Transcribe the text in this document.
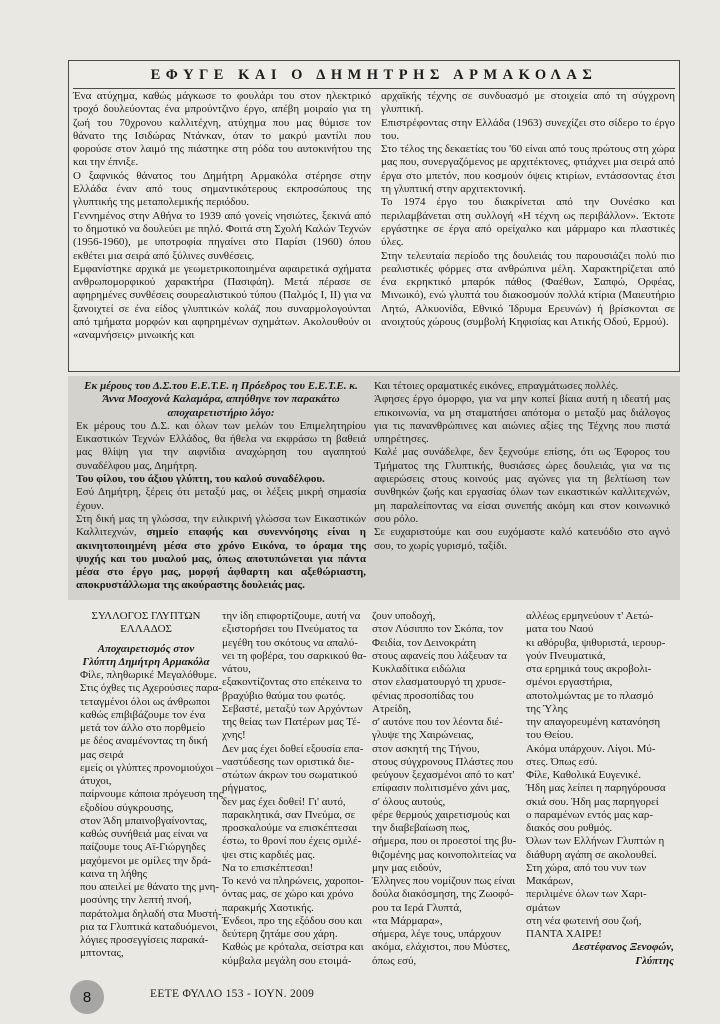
ΕΦΥΓΕ ΚΑΙ Ο ΔΗΜΗΤΡΗΣ ΑΡΜΑΚΟΛΑΣ

Ένα ατύχημα, καθώς μάγκωσε το φουλάρι του στον ηλεκτρικό τροχό δουλεύοντας ένα μπρούντζινο έργο, απέβη μοιραίο για τη ζωή του 70χρονου καλλιτέχνη, ατύχημα που μας θύμισε τον θάνατο της Ισιδώρας Ντάνκαν, όταν το μακρύ μαντίλι που φορούσε στον λαιμό της πιάστηκε στη ρόδα του αυτοκινήτου της και την έπνιξε.

Ο ξαφνικός θάνατος του Δημήτρη Αρμακόλα στέρησε στην Ελλάδα έναν από τους σημαντικότερους εκπροσώπους της γλυπτικής της μεταπολεμικής περιόδου.

Γεννημένος στην Αθήνα το 1939 από γονείς νησιώτες, ξεκινά από το δημοτικό να δουλεύει με πηλό. Φοιτά στη Σχολή Καλών Τεχνών (1956-1960), με υποτροφία πηγαίνει στο Παρίσι (1960) όπου εκθέτει μια σειρά από ξύλινες συνθέσεις.

Εμφανίστηκε αρχικά με γεωμετρικοποιημένα αφαιρετικά σχήματα ανθρωπομορφικού χαρακτήρα (Πασιφάη). Μετά πέρασε σε αφηρημένες συνθέσεις σουρεαλιστικού τύπου (Παλμός Ι, ΙΙ) για να ξανοιχτεί σε ένα είδος γλυπτικών κολάζ που συναρμολογούνται από τμήματα μορφών και αφηρημένων σχημάτων. Ακολουθούν οι «αναμνήσεις» μινωικής και

αρχαϊκής τέχνης σε συνδυασμό με στοιχεία από τη σύγχρονη γλυπτική.

Επιστρέφοντας στην Ελλάδα (1963) συνεχίζει στο σίδερο το έργο του.

Στο τέλος της δεκαετίας του '60 είναι από τους πρώτους στη χώρα μας που, συνεργαζόμενος με αρχιτέκτονες, φτιάχνει μια σειρά από έργα στο μπετόν, που κοσμούν όψεις κτιρίων, εντάσσοντας έτσι τη γλυπτική στην αρχιτεκτονική.

Το 1974 έργο του διακρίνεται από την Ουνέσκο και περιλαμβάνεται στη συλλογή «Η τέχνη ως περιβάλλον». Έκτοτε εργάστηκε σε έργα από ορείχαλκο και μάρμαρο και πλαστικές ύλες.

Στην τελευταία περίοδο της δουλειάς του παρουσιάζει πολύ πιο ρεαλιστικές φόρμες στα ανθρώπινα μέλη. Χαρακτηρίζεται από ένα εκρηκτικό μπαρόκ πάθος (Φαέθων, Σαπφώ, Ορφέας, Μινωικό), ενώ γλυπτά του διακοσμούν πολλά κτίρια (Μαιευτήριο Λητώ, Αλκυονίδα, Εθνικό Ίδρυμα Ερευνών) ή βρίσκονται σε ανοιχτούς χώρους (συμβολή Κηφισίας και Ατικής Οδού, Ερμού).

Εκ μέρους του Δ.Σ.του Ε.Ε.Τ.Ε. η Πρόεδρος του Ε.Ε.Τ.Ε. κ. Άννα Μοσχονά Καλαμάρα, απηύθηνε τον παρακάτω αποχαιρετιστήριο λόγο:

Εκ μέρους του Δ.Σ. και όλων των μελών του Επιμελητηρίου Εικαστικών Τεχνών Ελλάδος, θα ήθελα να εκφράσω τη βαθειά μας θλίψη για την αιφνίδια αναχώρηση του αγαπητού συναδέλφου μας, Δημήτρη.

Του φίλου, του άξιου γλύπτη, του καλού συναδέλφου.

Εσύ Δημήτρη, ξέρεις ότι μεταξύ μας, οι λέξεις μικρή σημασία έχουν.

Στη δική μας τη γλώσσα, την ειλικρινή γλώσσα των Εικαστικών Καλλιτεχνών, σημείο επαφής και συνεννόησης είναι η ακινητοποιημένη μέσα στο χρόνο Εικόνα, το όραμα της ψυχής και του μυαλού μας, όπως αποτυπώνεται για πάντα μέσα στο έργο μας, μορφή άφθαρτη και αξεθώριαστη, αποκρυστάλλωμα της ακούραστης δουλειάς μας.

Και τέτοιες οραματικές εικόνες, επραγμάτωσες πολλές.

Άφησες έργο όμορφο, για να μην κοπεί βίαια αυτή η ιδεατή μας επικοινωνία, να μη σταματήσει απότομα ο μεταξύ μας διάλογος για τις πανανθρώπινες και αιώνιες αξίες της Τέχνης που πιστά υπηρέτησες.

Καλέ μας συνάδελφε, δεν ξεχνούμε επίσης, ότι ως Έφορος του Τμήματος της Γλυπτικής, θυσιάσες ώρες δουλειάς, για να τις αφιερώσεις στους κοινούς μας αγώνες για τη βελτίωση των συνθηκών ζωής και εργασίας όλων των εικαστικών καλλιτεχνών, μη παραλείποντας να είσαι συνεπής ακόμη και στον κοινωνικό σου ρόλο.

Σε ευχαριστούμε και σου ευχόμαστε καλό κατευόδιο στο αγνό σου, το χωρίς γυρισμό, ταξίδι.

ΣΥΛΛΟΓΟΣ ΓΛΥΠΤΩΝ ΕΛΛΑΔΟΣ
Αποχαιρετισμός στον Γλύπτη Δημήτρη Αρμακόλα
Φίλε, πληθωρικέ Μεγαλόθυμε.
Στις όχθες τις Αχερούσιες παρα-
τεταγμένοι όλοι ως άνθρωποι
καθώς επιβιβάζουμε τον ένα
μετά τον άλλο στο πορθμείο
με δέος αναμένοντας τη δική
μας σειρά
εμείς οι γλύπτες προνομιούχοι –
άτυχοι,
παίρνουμε κάποια πρόγευση της
εξοδίου σύγκρουσης,
στον Άδη μπαινοβγαίνοντας,
καθώς συνήθειά μας είναι να
παίζουμε τους Αϊ-Γιώργηδες
μαχόμενοι με ομίλες την δρά-
καινα τη λήθης
που απειλεί με θάνατο της μνη-
μοσύνης την λεπτή πνοή,
παράτολμα δηλαδή στα Μυστή-
ρια τα Γλυπτικά καταδυόμενοι,
λόγιες προσεγγίσεις παρακά-
μπτοντας,
την ίδη επιφορτίζουμε, αυτή να
εξιστορήσει του Πνεύματος τα
μεγέθη του σκότους να απαλύ-
νει τη φοβέρα, του σαρκικού θα-
νάτου,
εξακοντίζοντας στο επέκεινα το
βραχύβιο θαύμα του φωτός.
Σεβαστέ, μεταξύ των Αρχόντων
της θείας των Πατέρων μας Τέ-
χνης!
Δεν μας έχει δοθεί εξουσία επα-
ναστύδεσης των οριστικά διε-
στώτων άκρων του σωματικού
ρήγματος,
δεν μας έχει δοθεί! Γι' αυτό,
παρακλητικά, σαν Πνεύμα, σε
προσκαλούμε να επισκέπτεσαι
έστω, το θρονί που έχεις σμιλέ-
ψει στις καρδιές μας.
Να το επισκέπτεσαι!
Το κενό να πληρώνεις, χαροποι-
όντας μας, σε χώρο και χρόνο
παρακμής Χαοτικής.
Ένδεοι, προ της εξόδου σου και
δεύτερη ζητάμε σου χάρη.
Καθώς με κρόταλα, σείστρα και
κύμβαλα μεγάλη σου ετοιμά-
ζουν υποδοχή,
στον Λύσιππο τον Σκόπα, τον
Φειδία, τον Δεινοκράτη
στους αφανείς που λάξευαν τα
Κυκλαδίτικα ειδώλια
στον ελασματουργό τη χρυσε-
φένιας προσοπίδας του
Ατρείδη,
σ' αυτόνε που τον λέοντα διέ-
γλυψε της Χαιρώνειας,
στον ασκητή της Τήνου,
στους σύγχρονους Πλάστες που
φεύγουν ξεχασμένοι από το κατ'
επίφασιν πολιτισμένο χάνι μας,
σ' όλους αυτούς,
φέρε θερμούς χαιρετισμούς και
την διαβεβαίωση πως,
σήμερα, που οι προεστοί της βυ-
θιζομένης μας κοινοπολιτείας να
μην μας ειδούν,
Έλληνες που νομίζουν πως είναι
δούλα διακόσμηση, της Ζωοφό-
ρου τα Ιερά Γλυπτά,
«τα Μάρμαρα»,
σήμερα, λέγε τους, υπάρχουν
ακόμα, ελάχιστοι, που Μύστες,
όπως εσύ,
αλλέως ερμηνεύουν τ' Αετώ-
ματα του Ναού
κι αθόρυβα, ψιθυριστά, ιερουρ-
γούν Πνευματικά,
στα ερημικά τους ακροβολι-
σμένοι εργαστήρια,
αποτολμώντας με το πλασμό
της Ύλης
την απαγορευμένη κατανόηση
του Θείου.
Ακόμα υπάρχουν. Λίγοι. Μύ-
στες. Όπως εσύ.
Φίλε, Καθολικά Ευγενικέ.
Ήδη μας λείπει η παρηγόρουσα
σκιά σου. Ήδη μας παρηγορεί
ο παραμένων εντός μας καρ-
διακός σου ρυθμός.
Όλων των Ελλήνων Γλυπτών η
διάθυρη αγάπη σε ακολουθεί.
Στη χώρα, από του νυν των
Μακάρων,
περιλιμένε όλων των Χαρι-
σμάτων
στη νέα φωτεινή σου ζωή,
ΠΑΝΤΑ ΧΑΙΡΕ!
Δεστέφανος Ξενοφών,
Γλύπτης
8	ΕΕΤΕ ΦΥΛΛΟ 153 - ΙΟΥΝ. 2009
